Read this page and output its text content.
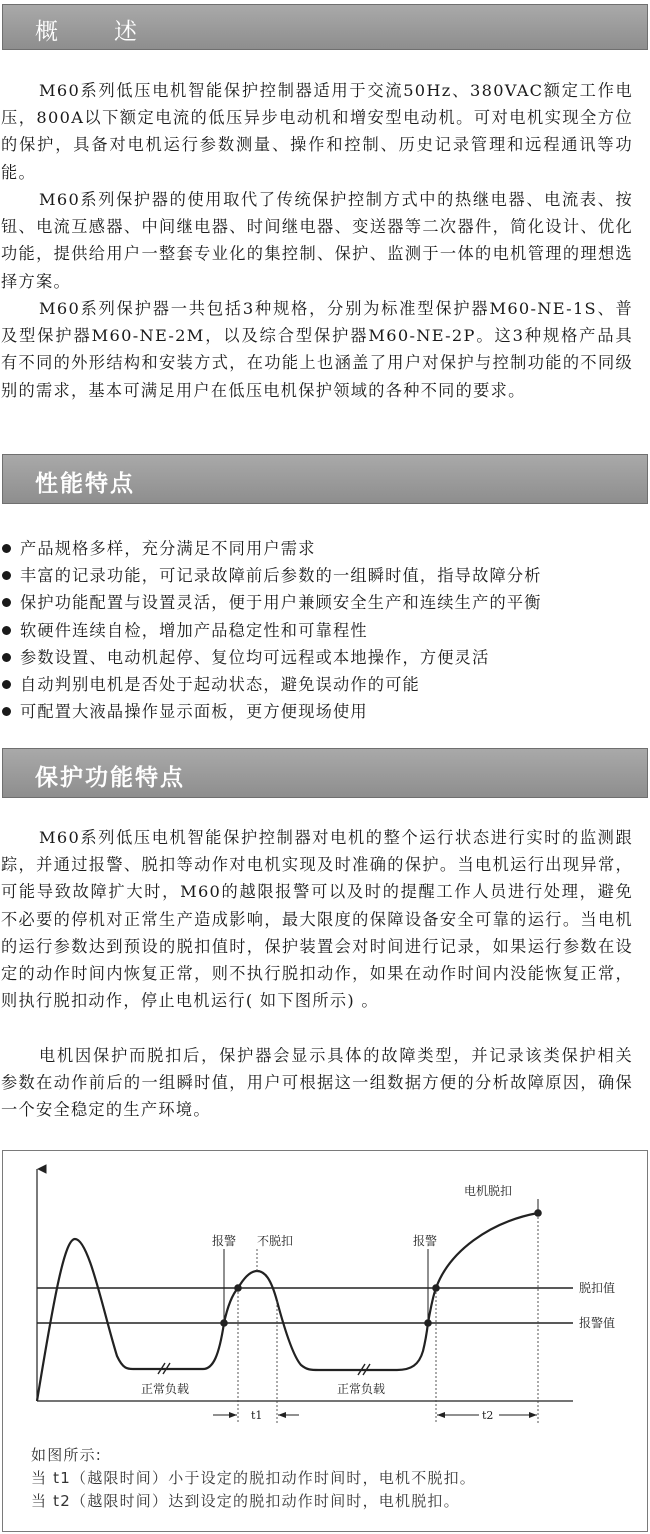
概述

M60系列低压电机智能保护控制器适用于交流50Hz、380VAC额定工作电压，800A以下额定电流的低压异步电动机和增安型电动机。可对电机实现全方位的保护，具备对电机运行参数测量、操作和控制、历史记录管理和远程通讯等功能。

M60系列保护器的使用取代了传统保护控制方式中的热继电器、电流表、按钮、电流互感器、中间继电器、时间继电器、变送器等二次器件，简化设计、优化功能，提供给用户一整套专业化的集控制、保护、监测于一体的电机管理的理想选择方案。

M60系列保护器一共包括3种规格，分别为标准型保护器M60-NE-1S、普及型保护器M60-NE-2M，以及综合型保护器M60-NE-2P。这3种规格产品具有不同的外形结构和安装方式，在功能上也涵盖了用户对保护与控制功能的不同级别的需求，基本可满足用户在低压电机保护领域的各种不同的要求。

性能特点
产品规格多样，充分满足不同用户需求
丰富的记录功能，可记录故障前后参数的一组瞬时值，指导故障分析
保护功能配置与设置灵活，便于用户兼顾安全生产和连续生产的平衡
软硬件连续自检，增加产品稳定性和可靠程性
参数设置、电动机起停、复位均可远程或本地操作，方便灵活
自动判别电机是否处于起动状态，避免误动作的可能
可配置大液晶操作显示面板，更方便现场使用
保护功能特点

M60系列低压电机智能保护控制器对电机的整个运行状态进行实时的监测跟踪，并通过报警、脱扣等动作对电机实现及时准确的保护。当电机运行出现异常，可能导致故障扩大时，M60的越限报警可以及时的提醒工作人员进行处理，避免不必要的停机对正常生产造成影响，最大限度的保障设备安全可靠的运行。当电机的运行参数达到预设的脱扣值时，保护装置会对时间进行记录，如果运行参数在设定的动作时间内恢复正常，则不执行脱扣动作，如果在动作时间内没能恢复正常，则执行脱扣动作，停止电机运行( 如下图所示) 。

电机因保护而脱扣后，保护器会显示具体的故障类型，并记录该类保护相关参数在动作前后的一组瞬时值，用户可根据这一组数据方便的分析故障原因，确保一个安全稳定的生产环境。

脱扣值
报警值
报警 不脱扣	报警
电机脱扣
正常负载	正常负载
t1	t2
如图所示:
当 t1（越限时间）小于设定的脱扣动作时间时，电机不脱扣。
当 t2（越限时间）达到设定的脱扣动作时间时，电机脱扣。
